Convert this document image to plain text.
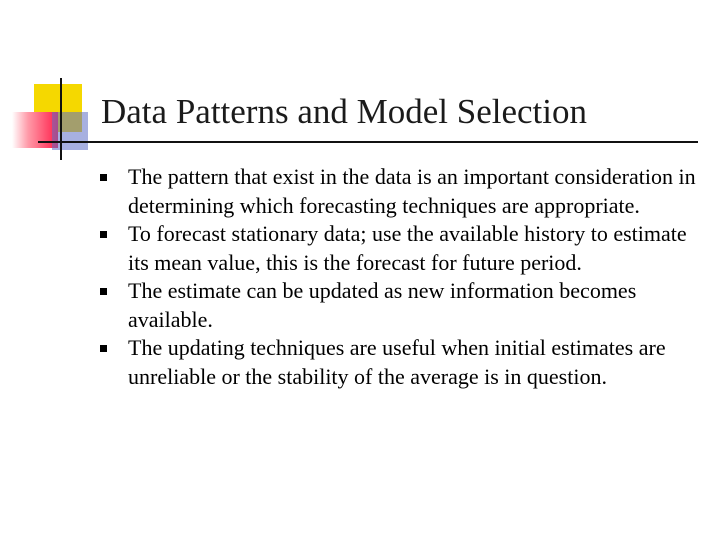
Data Patterns and Model Selection
The pattern that exist in the data is an important consideration in determining which forecasting techniques are appropriate.
To forecast stationary data; use the available history to estimate its mean value, this is the forecast for future period.
The estimate can be updated as new information becomes available.
The updating techniques are useful when initial estimates are unreliable or the stability of the average is in question.
